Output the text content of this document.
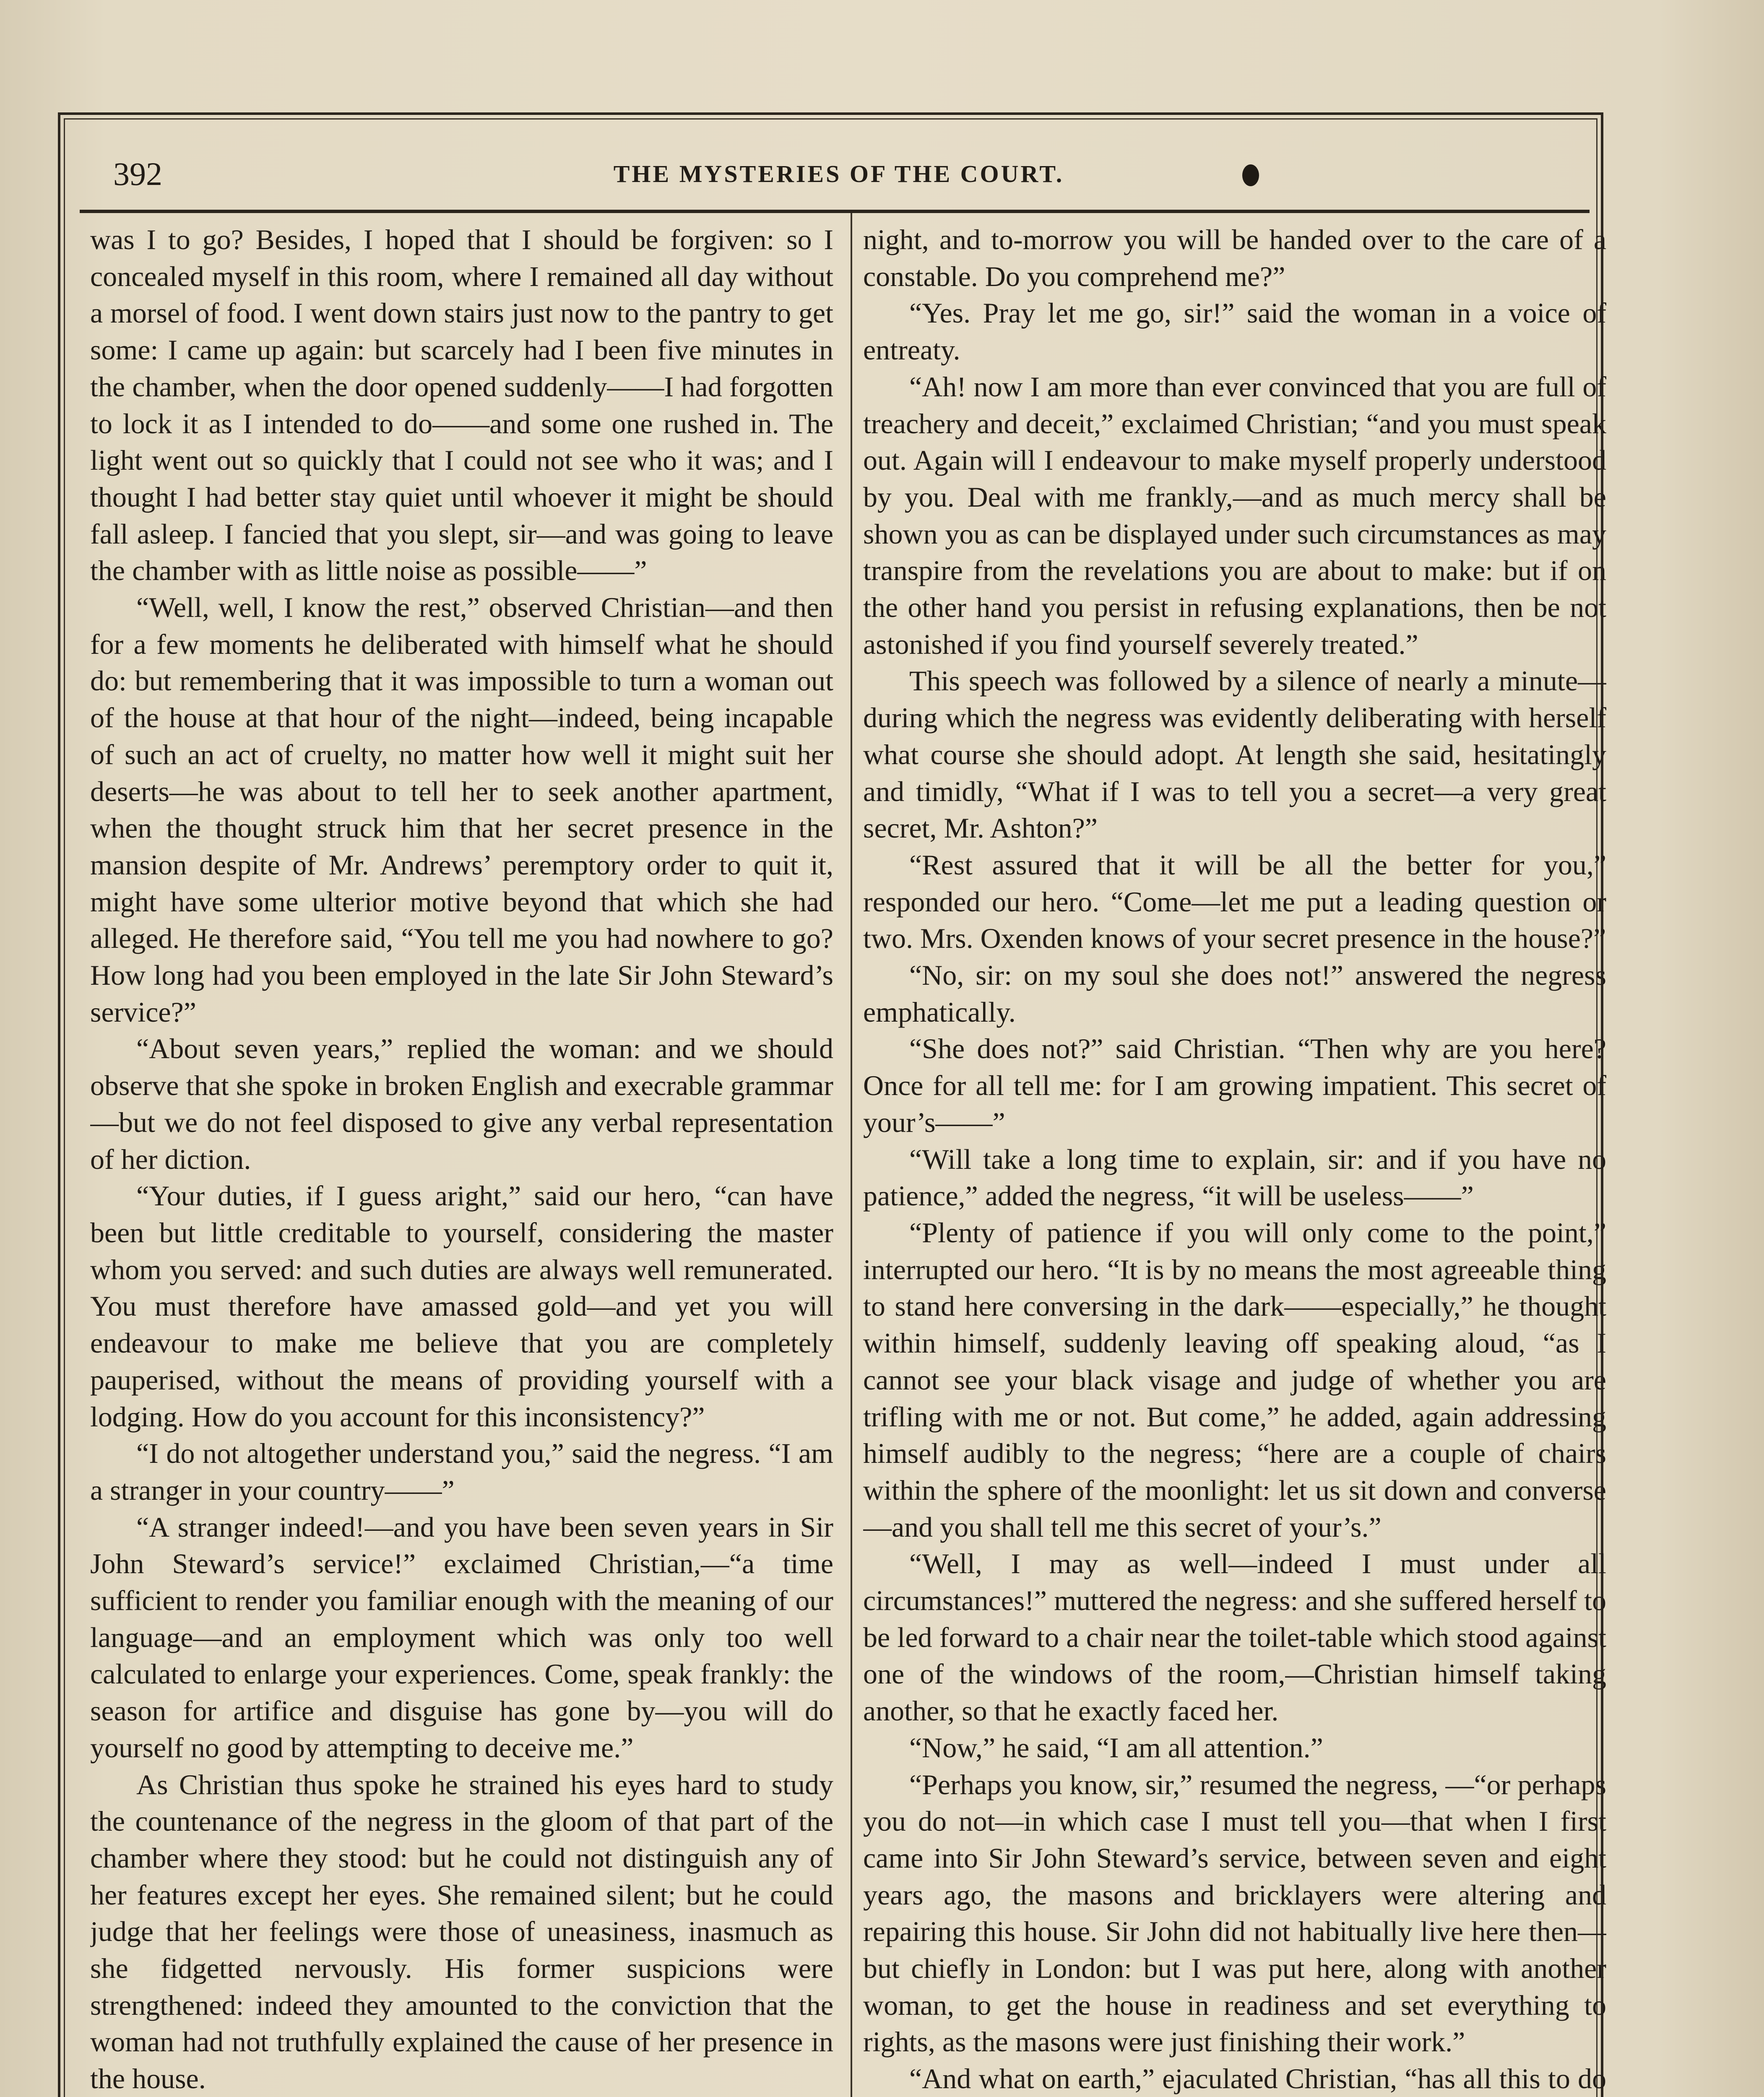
392	THE MYSTERIES OF THE COURT.

was I to go? Besides, I hoped that I should be forgiven: so I concealed myself in this room, where I remained all day without a morsel of food. I went down stairs just now to the pantry to get some: I came up again: but scarcely had I been five minutes in the chamber, when the door opened suddenly——I had forgotten to lock it as I intended to do——and some one rushed in. The light went out so quickly that I could not see who it was; and I thought I had better stay quiet until whoever it might be should fall asleep. I fancied that you slept, sir—and was going to leave the chamber with as little noise as possible——”

“Well, well, I know the rest,” observed Christian—and then for a few moments he deliberated with himself what he should do: but remembering that it was impossible to turn a woman out of the house at that hour of the night—indeed, being incapable of such an act of cruelty, no matter how well it might suit her deserts—he was about to tell her to seek another apartment, when the thought struck him that her secret presence in the mansion despite of Mr. Andrews’ peremptory order to quit it, might have some ulterior motive beyond that which she had alleged. He therefore said, “You tell me you had nowhere to go? How long had you been employed in the late Sir John Steward’s service?”

“About seven years,” replied the woman: and we should observe that she spoke in broken English and execrable grammar—but we do not feel disposed to give any verbal representation of her diction.

“Your duties, if I guess aright,” said our hero, “can have been but little creditable to yourself, considering the master whom you served: and such duties are always well remunerated. You must therefore have amassed gold—and yet you will endeavour to make me believe that you are completely pauperised, without the means of providing yourself with a lodging. How do you account for this inconsistency?”

“I do not altogether understand you,” said the negress. “I am a stranger in your country——”

“A stranger indeed!—and you have been seven years in Sir John Steward’s service!” exclaimed Christian,—“a time sufficient to render you familiar enough with the meaning of our language—and an employment which was only too well calculated to enlarge your experiences. Come, speak frankly: the season for artifice and disguise has gone by—you will do yourself no good by attempting to deceive me.”

As Christian thus spoke he strained his eyes hard to study the countenance of the negress in the gloom of that part of the chamber where they stood: but he could not distinguish any of her features except her eyes. She remained silent; but he could judge that her feelings were those of uneasiness, inasmuch as she fidgetted nervously. His former suspicions were strengthened: indeed they amounted to the conviction that the woman had not truthfully explained the cause of her presence in the house.

night, and to-morrow you will be handed over to the care of a constable. Do you comprehend me?”

“Yes. Pray let me go, sir!” said the woman in a voice of entreaty.

“Ah! now I am more than ever convinced that you are full of treachery and deceit,” exclaimed Christian; “and you must speak out. Again will I endeavour to make myself properly understood by you. Deal with me frankly,—and as much mercy shall be shown you as can be displayed under such circumstances as may transpire from the revelations you are about to make: but if on the other hand you persist in refusing explanations, then be not astonished if you find yourself severely treated.”

This speech was followed by a silence of nearly a minute—during which the negress was evidently deliberating with herself what course she should adopt. At length she said, hesitatingly and timidly, “What if I was to tell you a secret—a very great secret, Mr. Ashton?”

“Rest assured that it will be all the better for you,” responded our hero. “Come—let me put a leading question or two. Mrs. Oxenden knows of your secret presence in the house?”

“No, sir: on my soul she does not!” answered the negress emphatically.

“She does not?” said Christian. “Then why are you here? Once for all tell me: for I am growing impatient. This secret of your’s——”

“Will take a long time to explain, sir: and if you have no patience,” added the negress, “it will be useless——”

“Plenty of patience if you will only come to the point,” interrupted our hero. “It is by no means the most agreeable thing to stand here conversing in the dark——especially,” he thought within himself, suddenly leaving off speaking aloud, “as I cannot see your black visage and judge of whether you are trifling with me or not. But come,” he added, again addressing himself audibly to the negress; “here are a couple of chairs within the sphere of the moonlight: let us sit down and converse—and you shall tell me this secret of your’s.”

“Well, I may as well—indeed I must under all circumstances!” muttered the negress: and she suffered herself to be led forward to a chair near the toilet-table which stood against one of the windows of the room,—Christian himself taking another, so that he exactly faced her.

“Now,” he said, “I am all attention.”

“Perhaps you know, sir,” resumed the negress, —“or perhaps you do not—in which case I must tell you—that when I first came into Sir John Steward’s service, between seven and eight years ago, the masons and bricklayers were altering and repairing this house. Sir John did not habitually live here then—but chiefly in London: but I was put here, along with another woman, to get the house in readiness and set everything to rights, as the masons were just finishing their work.”

“And what on earth,” ejaculated Christian, “has all this to do
